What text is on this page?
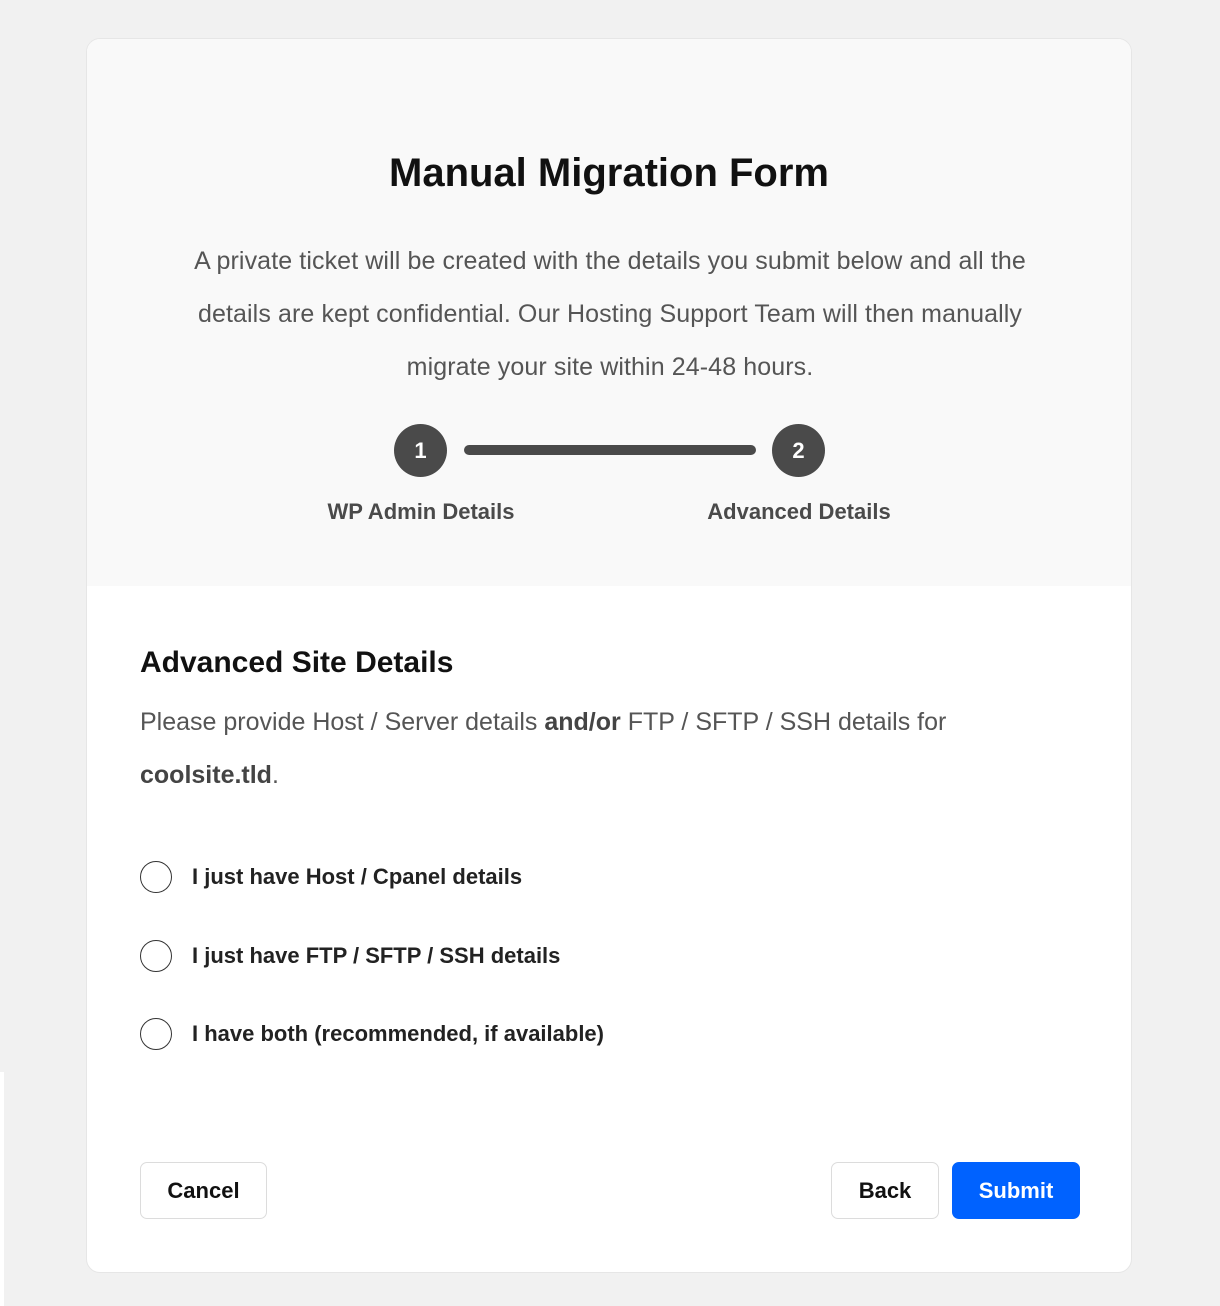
Manual Migration Form

A private ticket will be created with the details you submit below and all the details are kept confidential. Our Hosting Support Team will then manually migrate your site within 24-48 hours.

1	2
WP Admin Details	Advanced Details
Advanced Site Details

Please provide Host / Server details and/or FTP / SFTP / SSH details for
coolsite.tld.

I just have Host / Cpanel details
I just have FTP / SFTP / SSH details
I have both (recommended, if available)
Cancel	Back	Submit
